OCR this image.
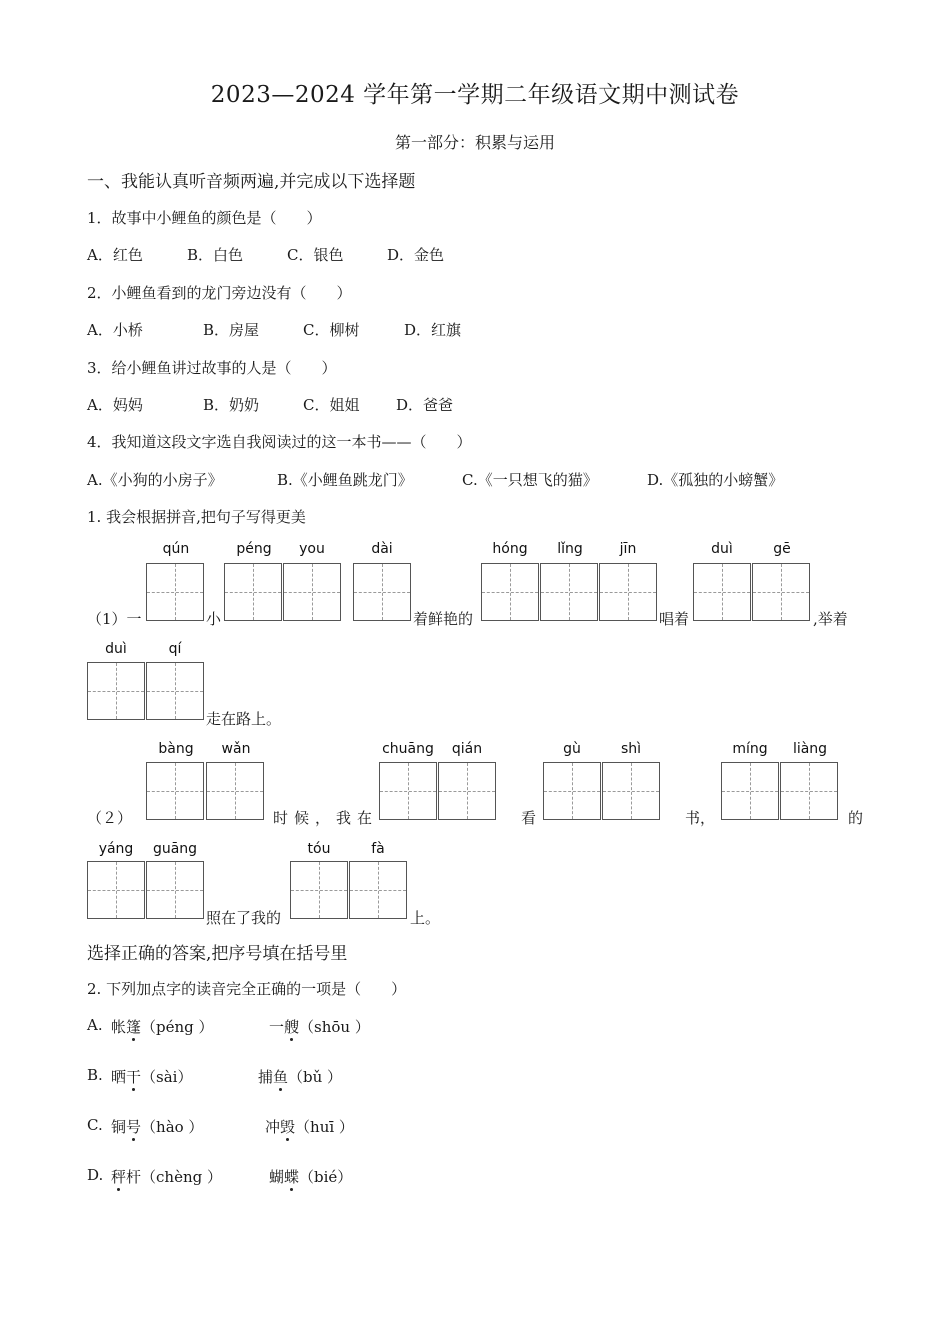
2023—2024 学年第一学期二年级语文期中测试卷
第一部分：积累与运用
一、我能认真听音频两遍,并完成以下选择题
1．故事中小鲤鱼的颜色是（　　）
A．红色	B．白色	C．银色	D．金色
2．小鲤鱼看到的龙门旁边没有（　　）
A．小桥	B．房屋	C．柳树	D．红旗
3．给小鲤鱼讲过故事的人是（　　）
A．妈妈	B．奶奶	C．姐姐 D．爸爸
4．我知道这段文字选自我阅读过的这一本书——（　　）
A.《小狗的小房子》	B.《小鲤鱼跳龙门》	C.《一只想飞的猫》	D.《孤独的小螃蟹》
1. 我会根据拼音,把句子写得更美
qún	péng	you	dài	hóng	lǐng	jīn	duì	gē
（1）一	小	着鲜艳的	唱着	,举着
duì	qí
走在路上。
bàng	wǎn	chuāng	qián	gù	shì	míng	liàng
（２）	时候，我在	看	书，	的
yáng	guāng	tóu	fà
照在了我的	上。
选择正确的答案,把序号填在括号里
2. 下列加点字的读音完全正确的一项是（　　）
A. 帐篷（péng ）	一艘（shōu ）
B. 晒干（sài）	捕鱼（bǔ ）
C. 铜号（hào ）	冲毁（huī ）
D. 秤杆（chèng ）	蝴蝶（bié）
